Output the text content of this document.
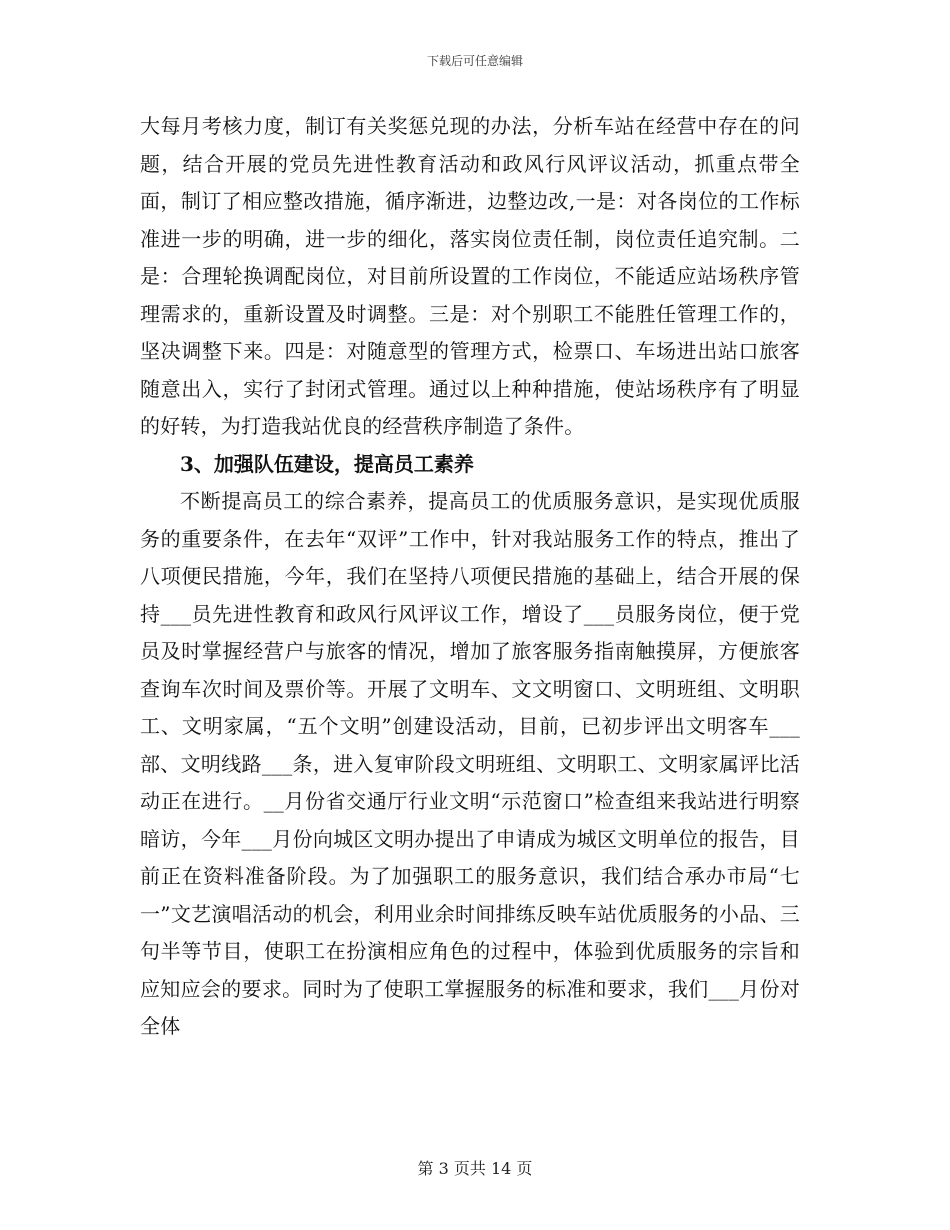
下载后可任意编辑

大每月考核力度，制订有关奖惩兑现的办法，分析车站在经营中存在的问题，结合开展的党员先进性教育活动和政风行风评议活动，抓重点带全面，制订了相应整改措施，循序渐进，边整边改,一是：对各岗位的工作标准进一步的明确，进一步的细化，落实岗位责任制，岗位责任追究制。二是：合理轮换调配岗位，对目前所设置的工作岗位，不能适应站场秩序管理需求的，重新设置及时调整。三是：对个别职工不能胜任管理工作的，坚决调整下来。四是：对随意型的管理方式，检票口、车场进出站口旅客随意出入，实行了封闭式管理。通过以上种种措施，使站场秩序有了明显的好转，为打造我站优良的经营秩序制造了条件。

3、加强队伍建设，提高员工素养

不断提高员工的综合素养，提高员工的优质服务意识，是实现优质服务的重要条件，在去年“双评”工作中，针对我站服务工作的特点，推出了八项便民措施，今年，我们在坚持八项便民措施的基础上，结合开展的保持___员先进性教育和政风行风评议工作，增设了___员服务岗位，便于党员及时掌握经营户与旅客的情况，增加了旅客服务指南触摸屏，方便旅客查询车次时间及票价等。开展了文明车、文文明窗口、文明班组、文明职工、文明家属，“五个文明”创建设活动，目前，已初步评出文明客车___部、文明线路___条，进入复审阶段文明班组、文明职工、文明家属评比活动正在进行。__月份省交通厅行业文明“示范窗口”检查组来我站进行明察暗访，今年___月份向城区文明办提出了申请成为城区文明单位的报告，目前正在资料准备阶段。为了加强职工的服务意识，我们结合承办市局“七一”文艺演唱活动的机会，利用业余时间排练反映车站优质服务的小品、三句半等节目，使职工在扮演相应角色的过程中，体验到优质服务的宗旨和应知应会的要求。同时为了使职工掌握服务的标准和要求，我们___月份对全体

第 3 页共 14 页
